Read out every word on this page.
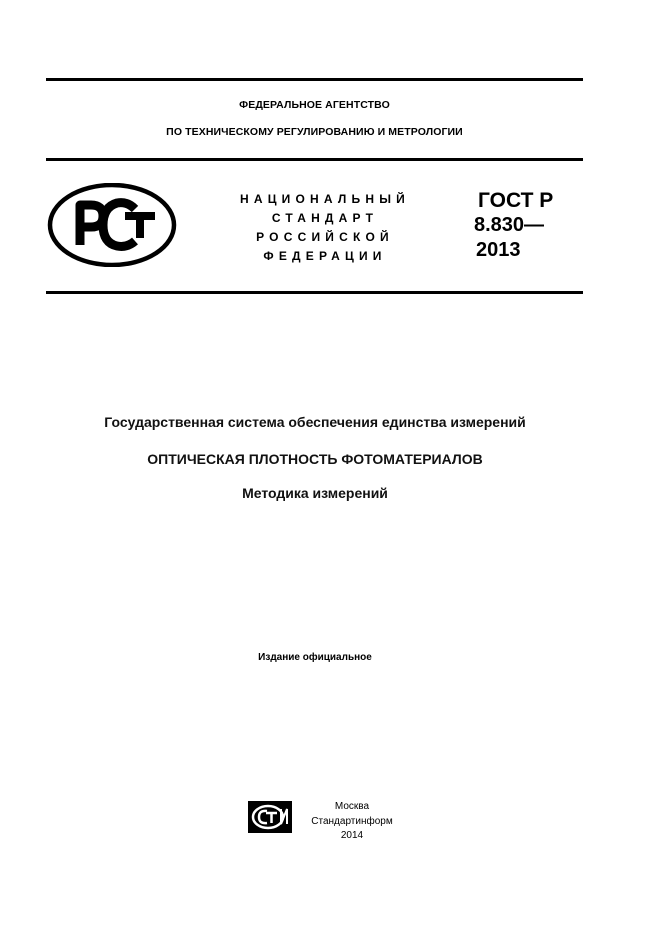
ФЕДЕРАЛЬНОЕ АГЕНТСТВО
ПО ТЕХНИЧЕСКОМУ РЕГУЛИРОВАНИЮ И МЕТРОЛОГИИ
НАЦИОНАЛЬНЫЙ
СТАНДАРТ
РОССИЙСКОЙ
ФЕДЕРАЦИИ
ГОСТ Р
8.830—
2013
Государственная система обеспечения единства измерений
ОПТИЧЕСКАЯ ПЛОТНОСТЬ ФОТОМАТЕРИАЛОВ
Методика измерений
Издание официальное
Москва
Стандартинформ
2014
